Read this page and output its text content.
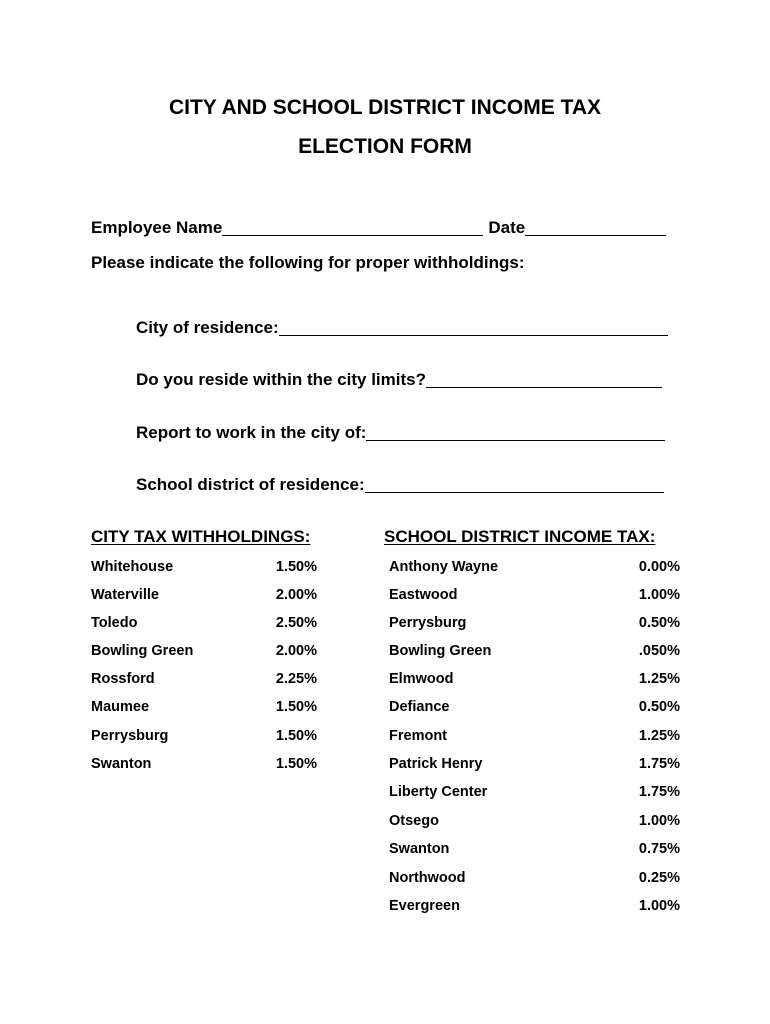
CITY AND SCHOOL DISTRICT INCOME TAX
ELECTION FORM
Employee Name	Date
Please indicate the following for proper withholdings:
City of residence:
Do you reside within the city limits?
Report to work in the city of:
School district of residence:
CITY TAX WITHHOLDINGS:	SCHOOL DISTRICT INCOME TAX:
Whitehouse	1.50%
Waterville	2.00%
Toledo	2.50%
Bowling Green	2.00%
Rossford	2.25%
Maumee	1.50%
Perrysburg	1.50%
Swanton	1.50%
Anthony Wayne	0.00%
Eastwood	1.00%
Perrysburg	0.50%
Bowling Green	.050%
Elmwood	1.25%
Defiance	0.50%
Fremont	1.25%
Patrick Henry	1.75%
Liberty Center	1.75%
Otsego	1.00%
Swanton	0.75%
Northwood	0.25%
Evergreen	1.00%
